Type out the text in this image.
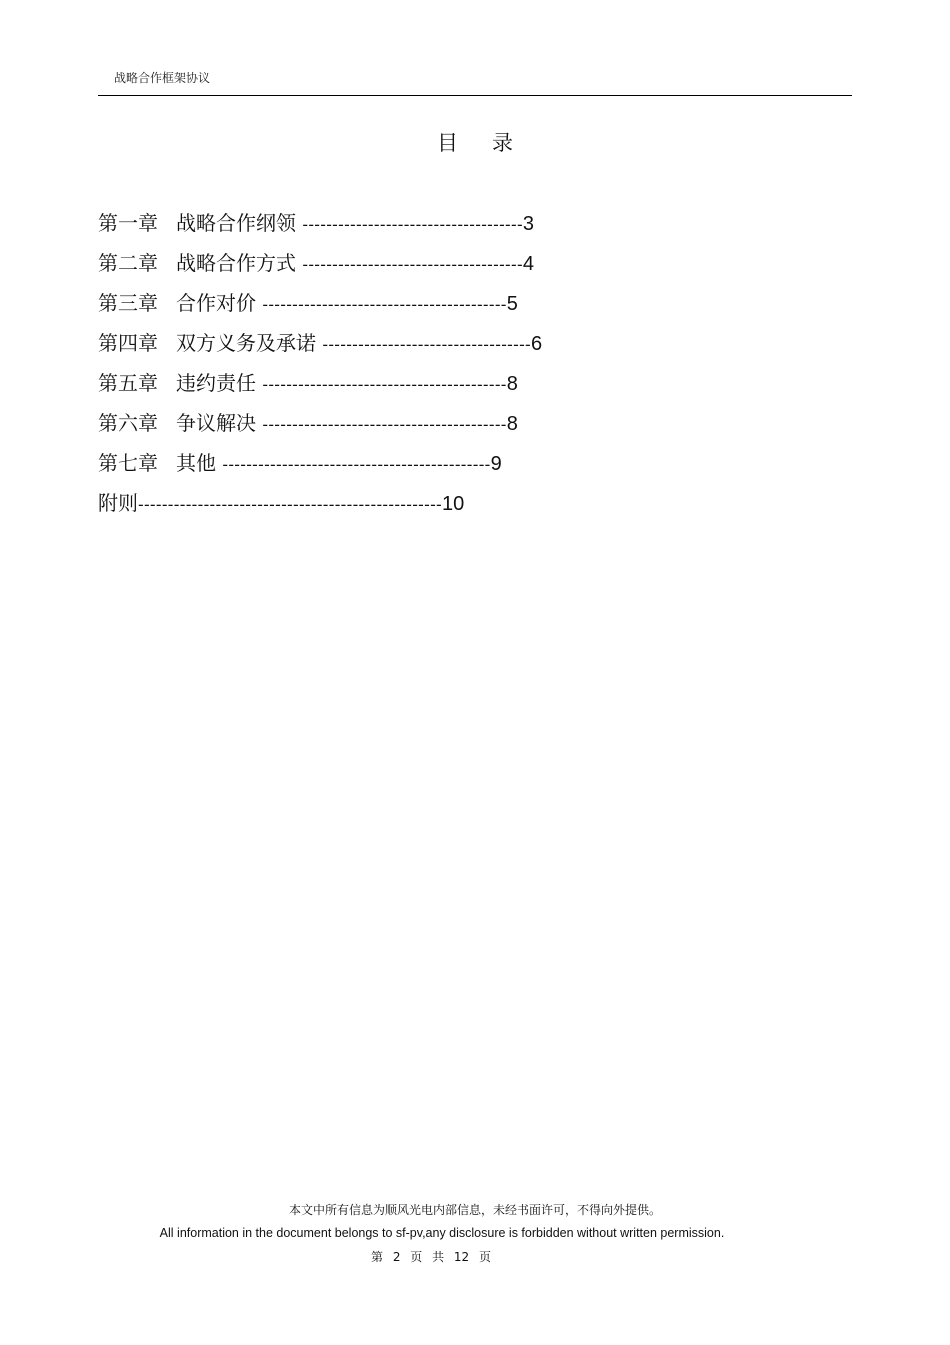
战略合作框架协议
目录
第一章 战略合作纲领 -------------------------------------3
第二章 战略合作方式 -------------------------------------4
第三章 合作对价 -----------------------------------------5
第四章 双方义务及承诺 -----------------------------------6
第五章 违约责任 -----------------------------------------8
第六章 争议解决 -----------------------------------------8
第七章 其他 ---------------------------------------------9
附则---------------------------------------------------10
本文中所有信息为顺风光电内部信息，未经书面许可，不得向外提供。
All information in the document belongs to sf-pv,any disclosure is forbidden without written permission.
第 2 页 共 12 页
